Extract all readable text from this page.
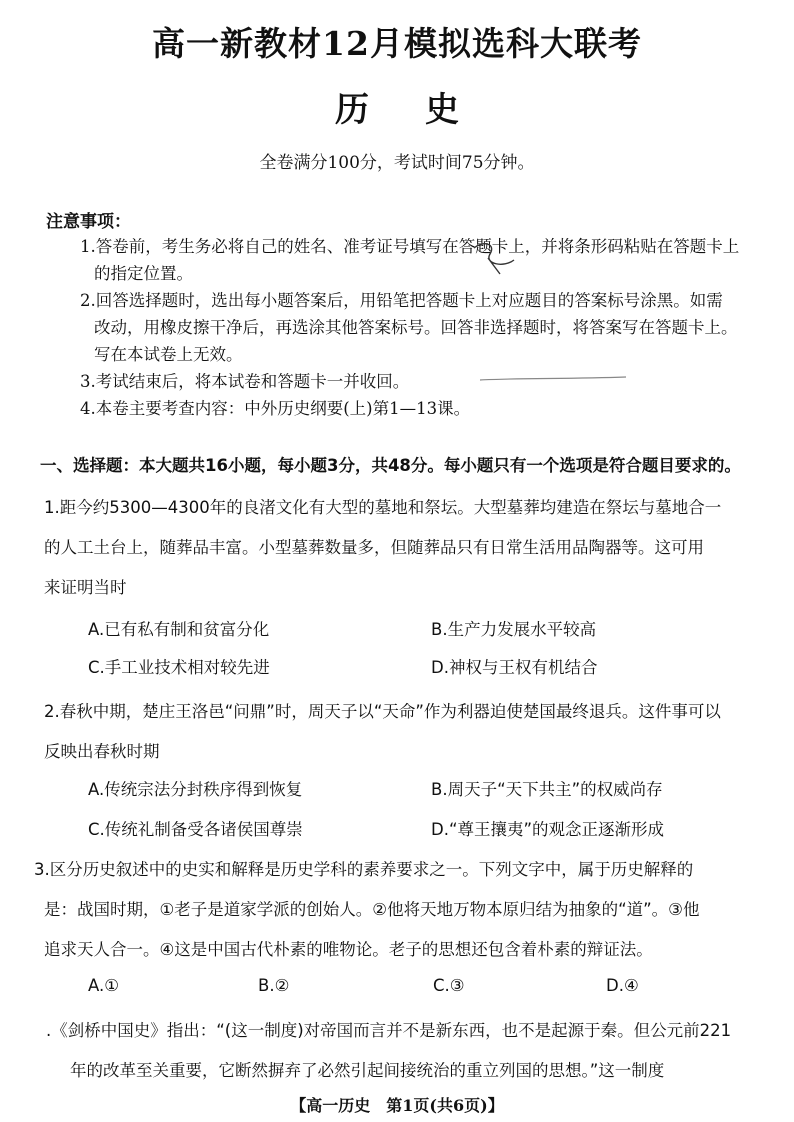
高一新教材12月模拟选科大联考
历史
全卷满分100分，考试时间75分钟。
注意事项：
1.答卷前，考生务必将自己的姓名、准考证号填写在答题卡上，并将条形码粘贴在答题卡上
的指定位置。
2.回答选择题时，选出每小题答案后，用铅笔把答题卡上对应题目的答案标号涂黑。如需
改动，用橡皮擦干净后，再选涂其他答案标号。回答非选择题时，将答案写在答题卡上。
写在本试卷上无效。
3.考试结束后，将本试卷和答题卡一并收回。
4.本卷主要考查内容：中外历史纲要(上)第1—13课。
一、选择题：本大题共16小题，每小题3分，共48分。每小题只有一个选项是符合题目要求的。
1.距今约5300—4300年的良渚文化有大型的墓地和祭坛。大型墓葬均建造在祭坛与墓地合一
的人工土台上，随葬品丰富。小型墓葬数量多，但随葬品只有日常生活用品陶器等。这可用
来证明当时
A.已有私有制和贫富分化	B.生产力发展水平较高
C.手工业技术相对较先进	D.神权与王权有机结合
2.春秋中期，楚庄王洛邑“问鼎”时，周天子以“天命”作为利器迫使楚国最终退兵。这件事可以
反映出春秋时期
A.传统宗法分封秩序得到恢复	B.周天子“天下共主”的权威尚存
C.传统礼制备受各诸侯国尊崇	D.“尊王攘夷”的观念正逐渐形成
3.区分历史叙述中的史实和解释是历史学科的素养要求之一。下列文字中，属于历史解释的
是：战国时期，①老子是道家学派的创始人。②他将天地万物本原归结为抽象的“道”。③他
追求天人合一。④这是中国古代朴素的唯物论。老子的思想还包含着朴素的辩证法。
A.①	B.②	C.③	D.④
.《剑桥中国史》指出：“(这一制度)对帝国而言并不是新东西，也不是起源于秦。但公元前221
年的改革至关重要，它断然摒弃了必然引起间接统治的重立列国的思想。”这一制度
【高一历史　第1页(共6页)】
